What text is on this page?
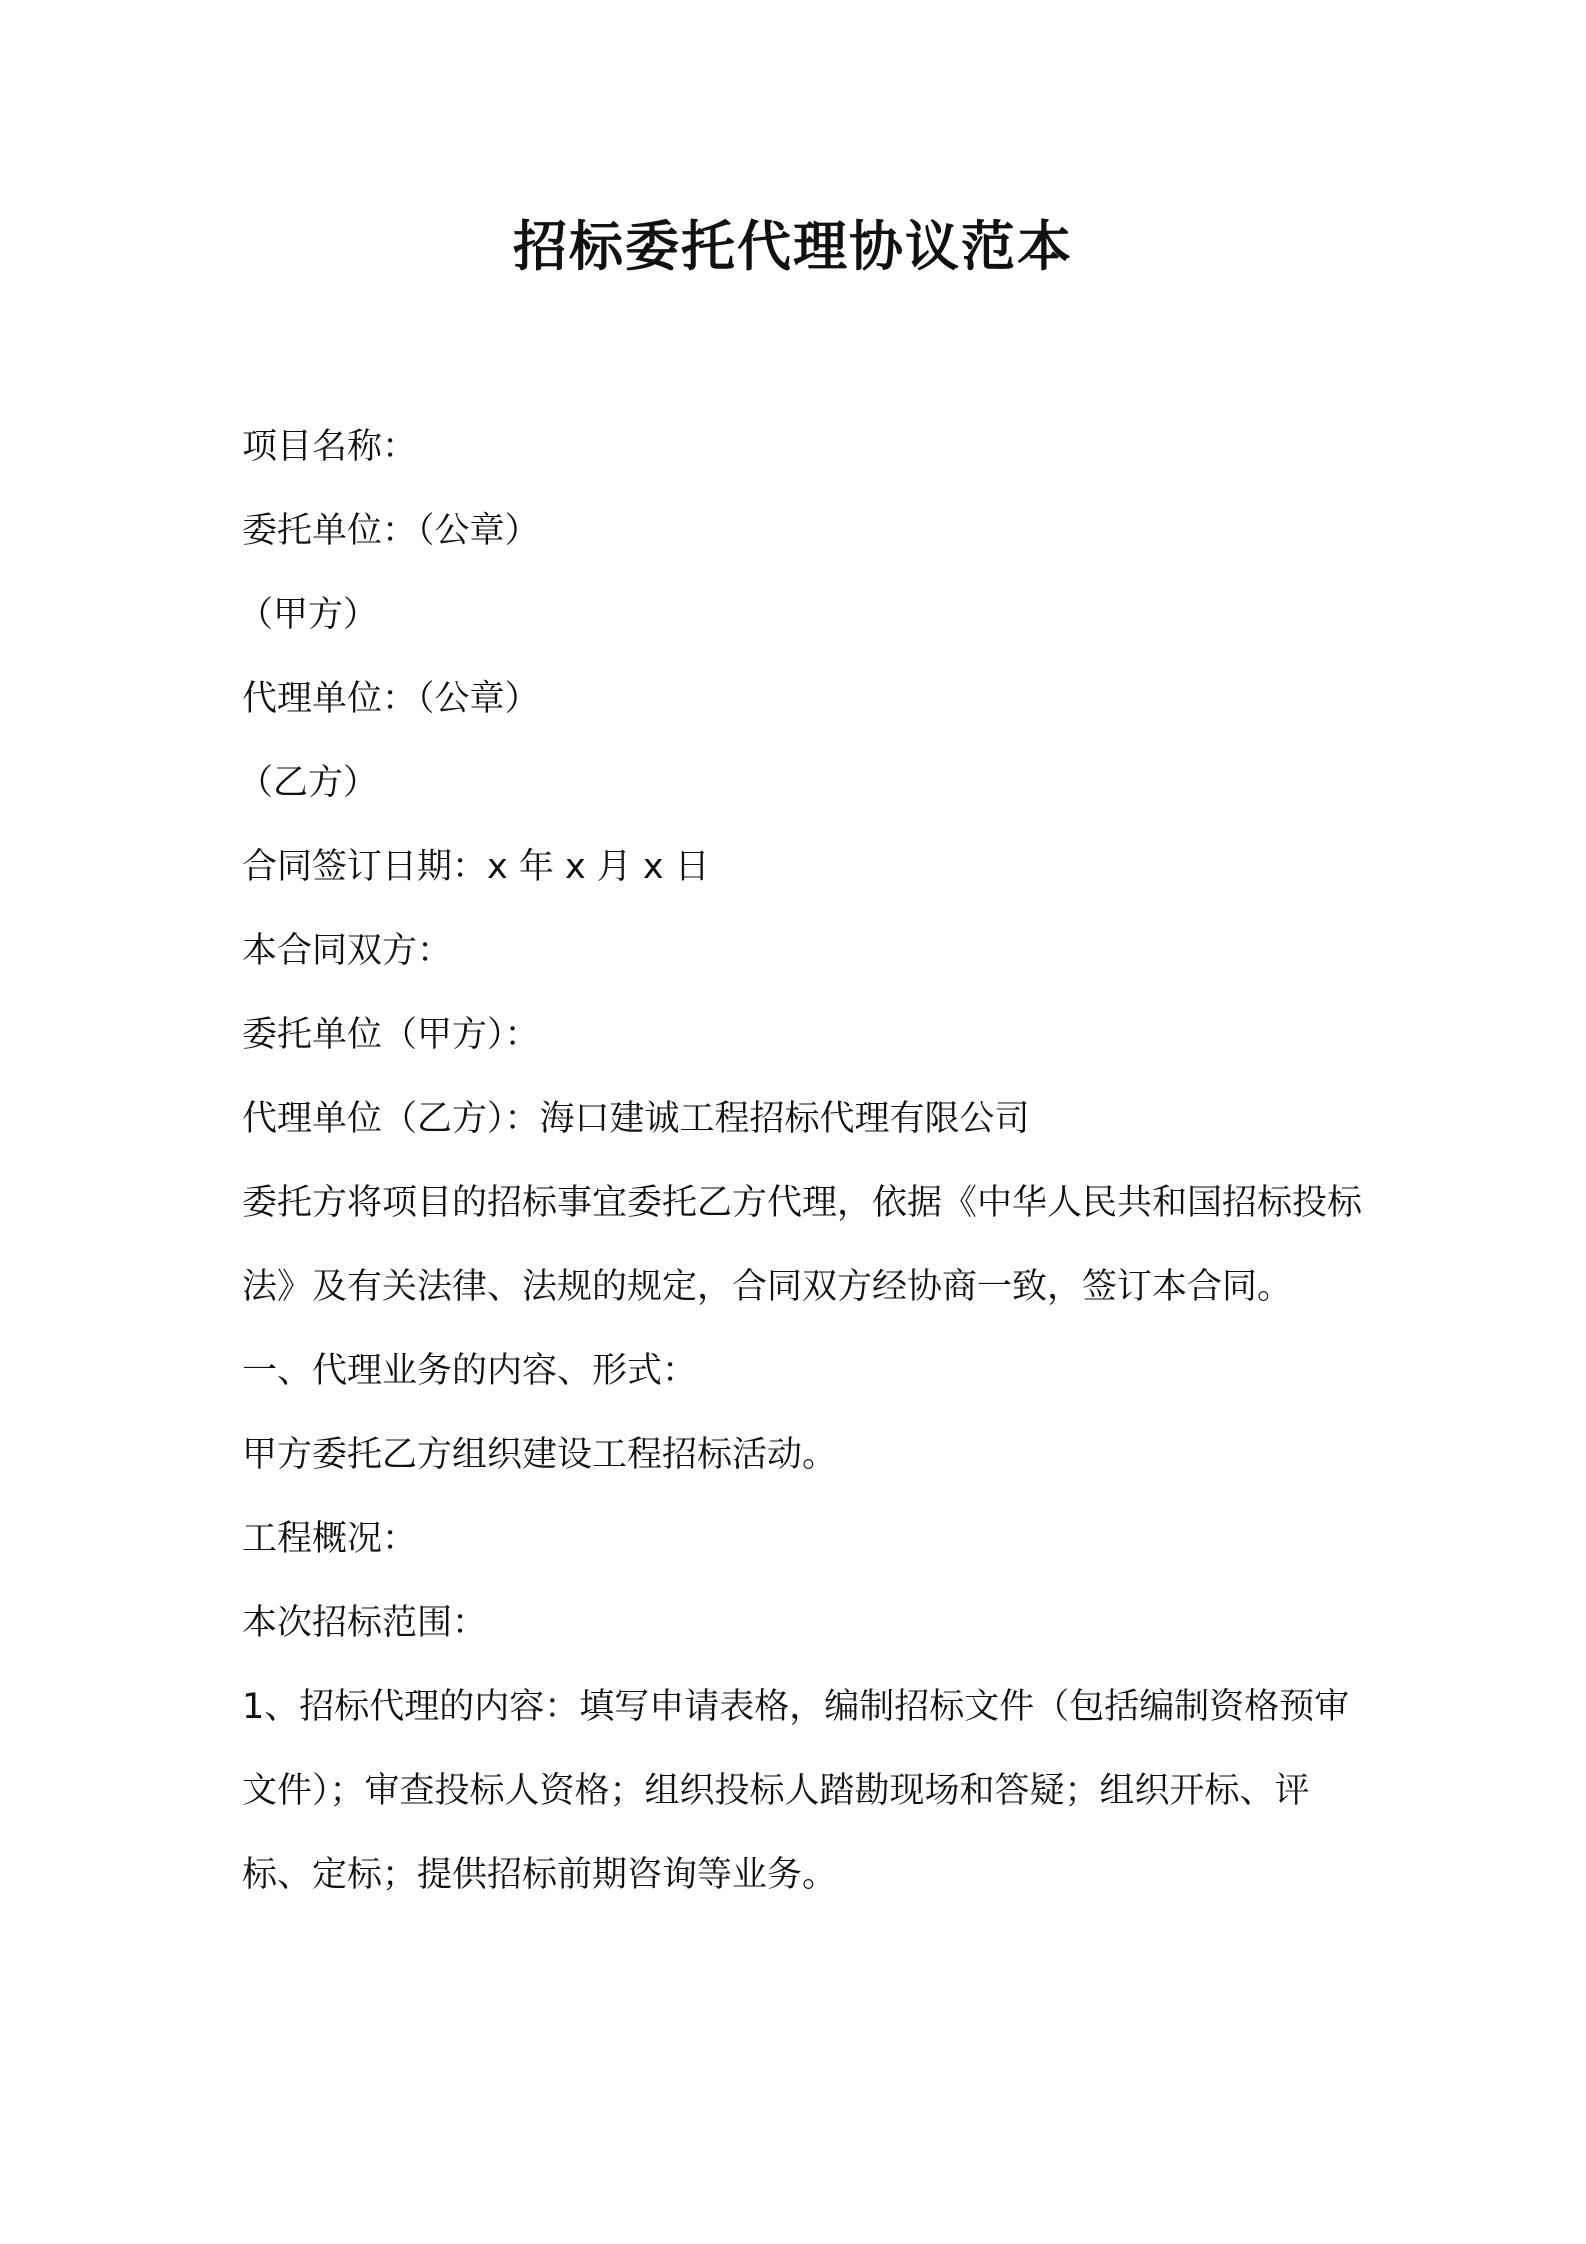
招标委托代理协议范本

项目名称：

委托单位：（公章）

（甲方）

代理单位：（公章）

（乙方）

合同签订日期：x 年 x 月 x 日

本合同双方：

委托单位（甲方）：

代理单位（乙方）：海口建诚工程招标代理有限公司

委托方将项目的招标事宜委托乙方代理，依据《中华人民共和国招标投标法》及有关法律、法规的规定，合同双方经协商一致，签订本合同。

一、代理业务的内容、形式：

甲方委托乙方组织建设工程招标活动。

工程概况：

本次招标范围：

1、招标代理的内容：填写申请表格，编制招标文件（包括编制资格预审文件）；审查投标人资格；组织投标人踏勘现场和答疑；组织开标、评标、定标；提供招标前期咨询等业务。
